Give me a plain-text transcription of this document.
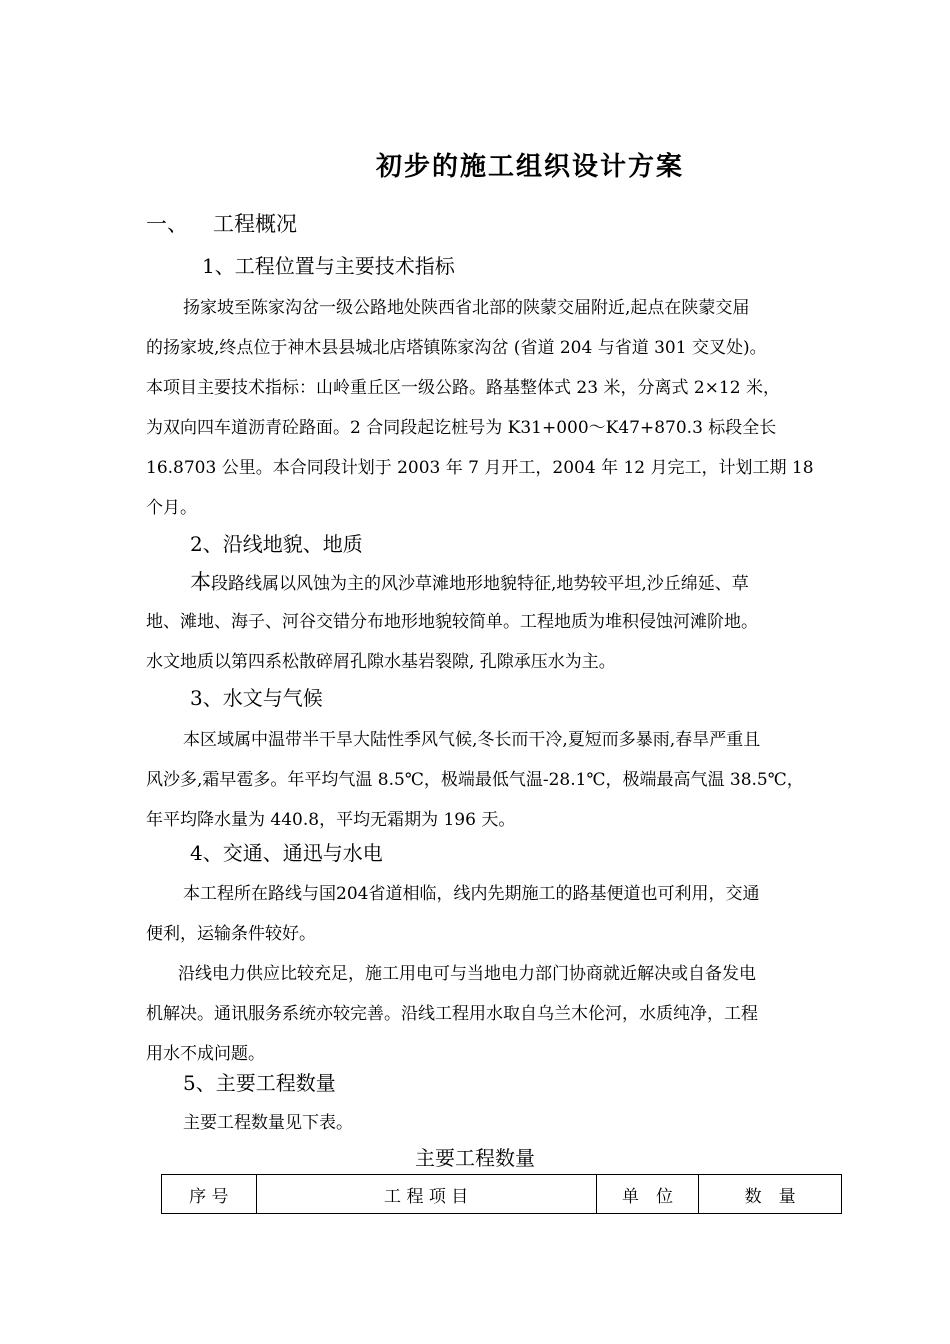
初步的施工组织设计方案
一、 工程概况
1、工程位置与主要技术指标
扬家坡至陈家沟岔一级公路地处陕西省北部的陕蒙交届附近,起点在陕蒙交届
的扬家坡,终点位于神木县县城北店塔镇陈家沟岔 (省道 204 与省道 301 交叉处)。
本项目主要技术指标：山岭重丘区一级公路。路基整体式 23 米，分离式 2×12 米，
为双向四车道沥青砼路面。2 合同段起讫桩号为 K31+000～K47+870.3 标段全长
16.8703 公里。本合同段计划于 2003 年 7 月开工，2004 年 12 月完工，计划工期 18
个月。
2、沿线地貌、地质
本段路线属以风蚀为主的风沙草滩地形地貌特征,地势较平坦,沙丘绵延、草
地、滩地、海子、河谷交错分布地形地貌较简单。工程地质为堆积侵蚀河滩阶地。
水文地质以第四系松散碎屑孔隙水基岩裂隙, 孔隙承压水为主。
3、水文与气候
本区域属中温带半干旱大陆性季风气候,冬长而干冷,夏短而多暴雨,春旱严重且
风沙多,霜早雹多。年平均气温 8.5℃，极端最低气温-28.1℃，极端最高气温 38.5℃，
年平均降水量为 440.8，平均无霜期为 196 天。
4、交通、通迅与水电
本工程所在路线与国204省道相临，线内先期施工的路基便道也可利用，交通
便利，运输条件较好。
沿线电力供应比较充足，施工用电可与当地电力部门协商就近解决或自备发电
机解决。通讯服务系统亦较完善。沿线工程用水取自乌兰木伦河，水质纯净，工程
用水不成问题。
5、主要工程数量
主要工程数量见下表。
主要工程数量
序 号	工 程 项 目	单　位	数　量
